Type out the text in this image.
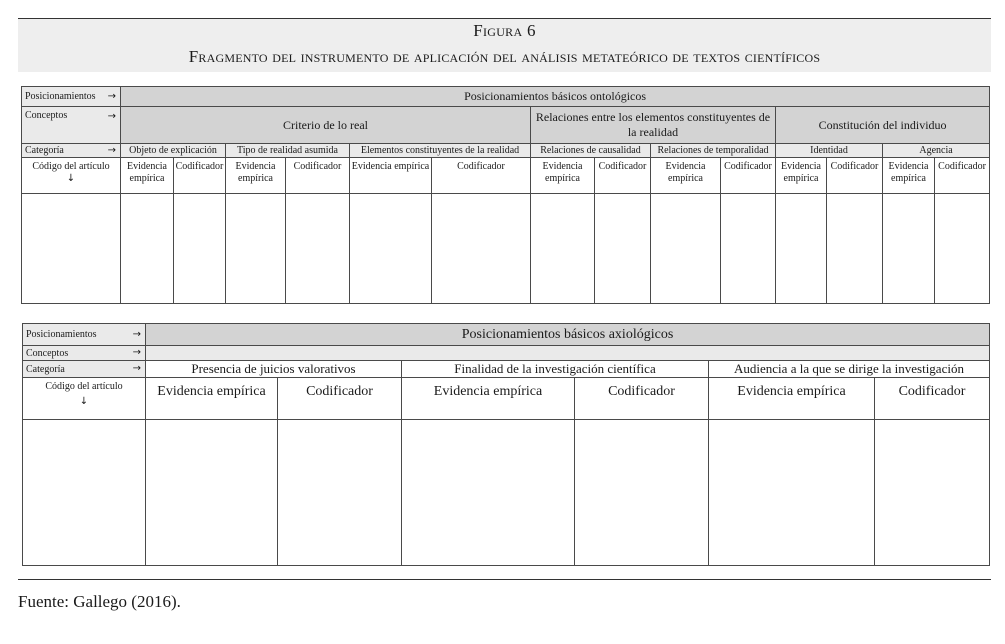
Figura 6
Fragmento del instrumento de aplicación del análisis metateórico de textos científicos
Posicionamientos →	Posicionamientos básicos ontológicos													
Conceptos →	Criterio de lo real						Relaciones entre los elementos constituyentes de la realidad				Constitución del individuo			
Categoría →	Objeto de explicación		Tipo de realidad asumida		Elementos constituyentes de la realidad		Relaciones de causalidad		Relaciones de temporalidad		Identidad		Agencia	
Código del artículo
↓	Evidencia empírica	Codificador	Evidencia empírica	Codificador	Evidencia empírica	Codificador	Evidencia empírica	Codificador	Evidencia empírica	Codificador	Evidencia empírica	Codificador	Evidencia empírica	Codificador

Posicionamientos →	Posicionamientos básicos axiológicos					
Conceptos →						

Categoría →	Presencia de juicios valorativos		Finalidad de la investigación científica		Audiencia a la que se dirige la investigación	
Código del artículo
↓	Evidencia empírica	Codificador	Evidencia empírica	Codificador	Evidencia empírica	Codificador

Fuente: Gallego (2016).
